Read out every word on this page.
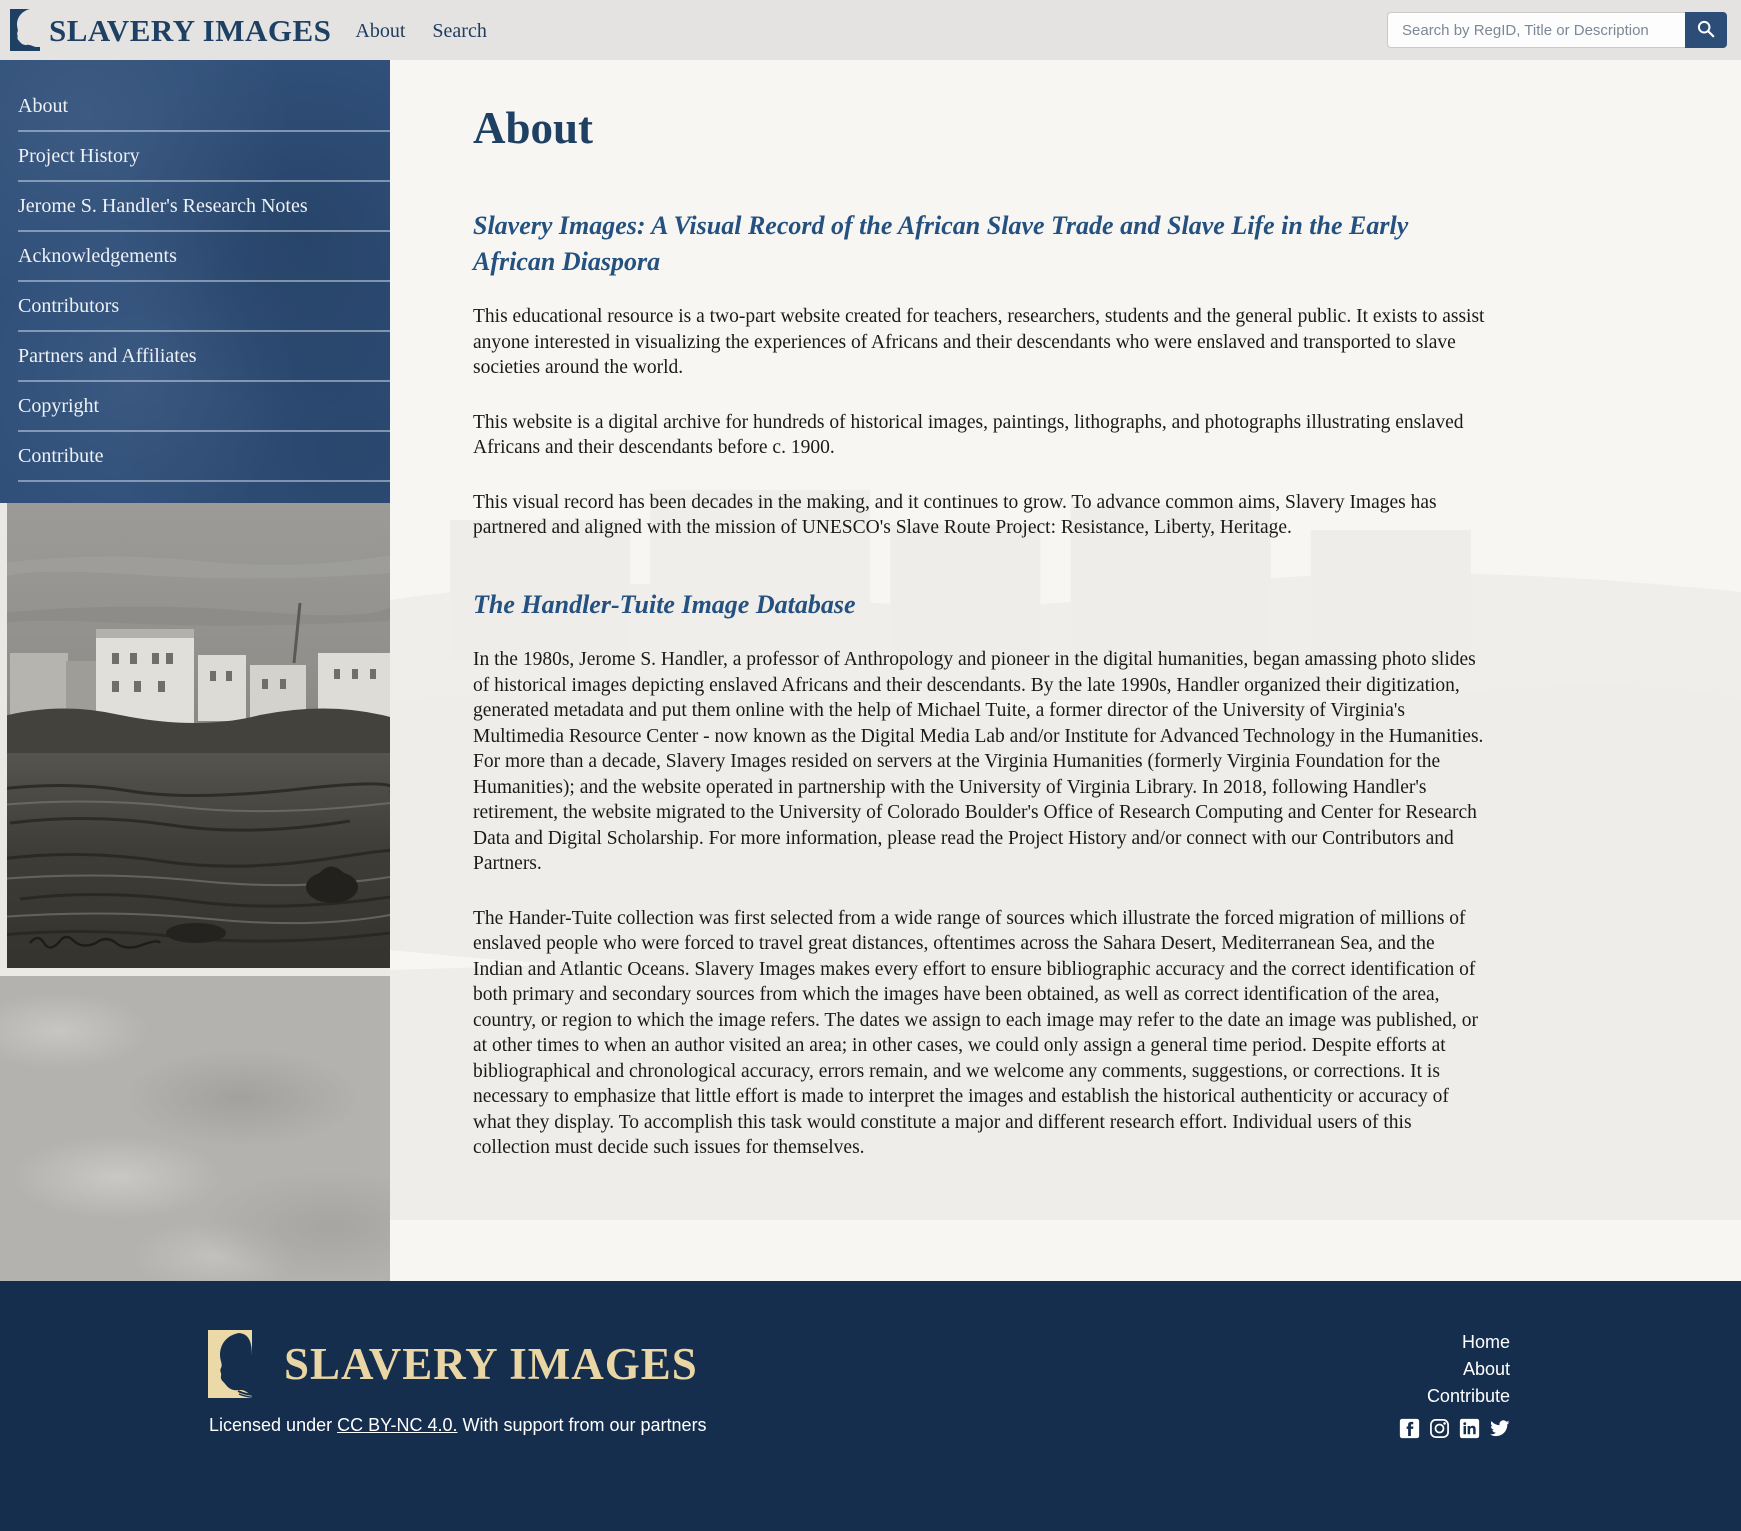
SLAVERY IMAGES About Search
Search by RegID, Title or Description
About
Project History
Jerome S. Handler's Research Notes
Acknowledgements
Contributors
Partners and Affiliates
Copyright
Contribute
About
Slavery Images: A Visual Record of the African Slave Trade and Slave Life in the Early African Diaspora

This educational resource is a two-part website created for teachers, researchers, students and the general public. It exists to assist anyone interested in visualizing the experiences of Africans and their descendants who were enslaved and transported to slave societies around the world.

This website is a digital archive for hundreds of historical images, paintings, lithographs, and photographs illustrating enslaved Africans and their descendants before c. 1900.

This visual record has been decades in the making, and it continues to grow. To advance common aims, Slavery Images has partnered and aligned with the mission of UNESCO's Slave Route Project: Resistance, Liberty, Heritage.

The Handler-Tuite Image Database

In the 1980s, Jerome S. Handler, a professor of Anthropology and pioneer in the digital humanities, began amassing photo slides of historical images depicting enslaved Africans and their descendants. By the late 1990s, Handler organized their digitization, generated metadata and put them online with the help of Michael Tuite, a former director of the University of Virginia's Multimedia Resource Center - now known as the Digital Media Lab and/or Institute for Advanced Technology in the Humanities. For more than a decade, Slavery Images resided on servers at the Virginia Humanities (formerly Virginia Foundation for the Humanities); and the website operated in partnership with the University of Virginia Library. In 2018, following Handler's retirement, the website migrated to the University of Colorado Boulder's Office of Research Computing and Center for Research Data and Digital Scholarship. For more information, please read the Project History and/or connect with our Contributors and Partners.

The Hander-Tuite collection was first selected from a wide range of sources which illustrate the forced migration of millions of enslaved people who were forced to travel great distances, oftentimes across the Sahara Desert, Mediterranean Sea, and the Indian and Atlantic Oceans. Slavery Images makes every effort to ensure bibliographic accuracy and the correct identification of both primary and secondary sources from which the images have been obtained, as well as correct identification of the area, country, or region to which the image refers. The dates we assign to each image may refer to the date an image was published, or at other times to when an author visited an area; in other cases, we could only assign a general time period. Despite efforts at bibliographical and chronological accuracy, errors remain, and we welcome any comments, suggestions, or corrections. It is necessary to emphasize that little effort is made to interpret the images and establish the historical authenticity or accuracy of what they display. To accomplish this task would constitute a major and different research effort. Individual users of this collection must decide such issues for themselves.

SLAVERY IMAGES

Licensed under CC BY-NC 4.0. With support from our partners

Home
About
Contribute
